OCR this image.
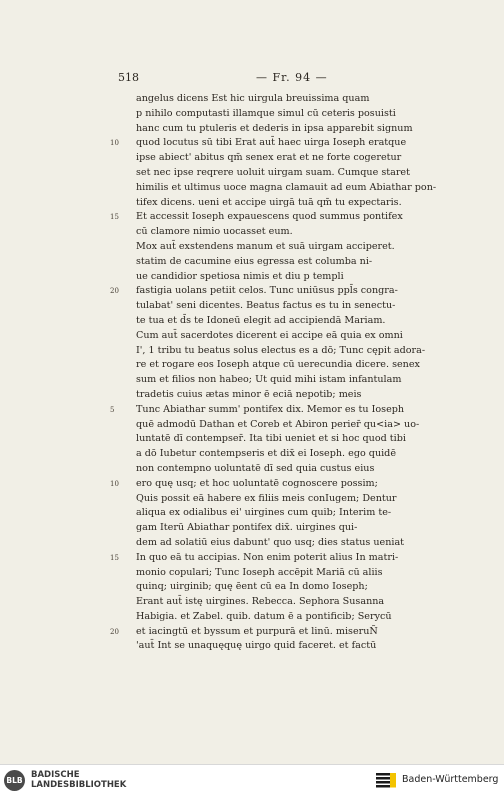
518	— Fr. 94 —
angelus dicens Est hic uirgula breuissima quam
p nihilo computasti illamque simul cū ceteris posuisti
hanc cum tu ptuleris et dederis in ipsa apparebit signum
10	quod locutus sū tibi Erat aut̄ haec uirga Ioseph eratque
ipse abiect' abitus qm̄ senex erat et ne forte cogeretur
set nec ipse reqrere uoluit uirgam suam. Cumque staret
himilis et ultimus uoce magna clamauit ad eum Abiathar pon-
tifex dicens. ueni et accipe uirgā tuā qm̄ tu expectaris.
15	Et accessit Ioseph expauescens quod summus pontifex
cū clamore nimio uocasset eum.
Mox aut̄ exstendens manum et suā uirgam acciperet.
statim de cacumine eius egressa est columba ni-
ue candidior spetiosa nimis et diu p templi
20	fastigia uolans petiit celos. Tunc uniūsus ppl̄s congra-
tulabat' seni dicentes. Beatus factus es tu in senectu-
te tua et d̄s te Idoneū elegit ad accipiendā Mariam.
Cum aut̄ sacerdotes dicerent ei accipe eā quia ex omni
I', 1 tribu tu beatus solus electus es a dō; Tunc cępit adora-
re et rogare eos Ioseph atque cū uerecundia dicere. senex
sum et filios non habeo; Ut quid mihi istam infantulam
tradetis cuius ætas minor ē eciā nepotib; meis
5	Tunc Abiathar summ' pontifex dix. Memor es tu Ioseph
quē admodū Dathan et Coreb et Abiron perier̄ qu<ia> uo-
luntatē dī contempser̄. Ita tibi ueniet et si hoc quod tibi
a dō Iubetur contempseris et dix̄ ei Ioseph. ego quidē
non contempno uoluntatē dī sed quia custus eius
10	ero quę usq; et hoc uoluntatē cognoscere possim;
Quis possit eā habere ex filiis meis conIugem; Dentur
aliqua ex odialibus ei' uirgines cum quib; Interim te-
gam Iterū Abiathar pontifex dix̄. uirgines qui-
dem ad solatiū eius dabunt' quo usq; dies status ueniat
15	In quo eā tu accipias. Non enim poterit alius In matri-
monio copulari; Tunc Ioseph accēpit Mariā cū aliis
quinq; uirginib; quę ēent cū ea In domo Ioseph;
Erant aut̄ istę uirgines. Rebecca. Sephora Susanna
Habigia. et Zabel. quib. datum ē a pontificib; Serycū
20	et iacingtū et byssum et purpurā et linū. miseruÑ
'aut̄ Int se unaquęquę uirgo quid faceret. et factū
BLB
BADISCHE
LANDESBIBLIOTHEK	Baden-Württemberg
